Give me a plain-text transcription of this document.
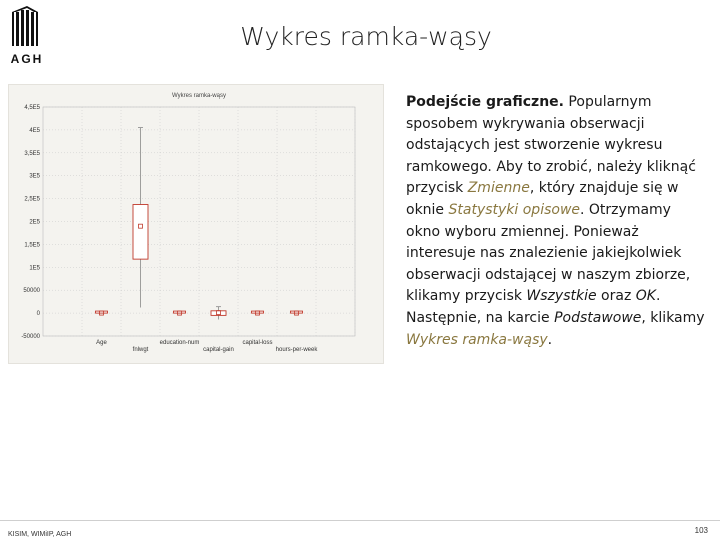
AGH
Wykres ramka-wąsy
Wykres ramka-wąsy
4,5E5
4E5
3,5E5
3E5
2,5E5
2E5
1,5E5
1E5
50000
0
-50000
Age
fnlwgt
education-num
capital-gain
capital-loss
hours-per-week
Podejście graficzne. Popularnym sposobem wykrywania obserwacji odstających jest stworzenie wykresu ramkowego. Aby to zrobić, należy kliknąć przycisk Zmienne, który znajduje się w oknie Statystyki opisowe. Otrzymamy okno wyboru zmiennej. Ponieważ interesuje nas znalezienie jakiejkolwiek obserwacji odstającej w naszym zbiorze, klikamy przycisk Wszystkie oraz OK. Następnie, na karcie Podstawowe, klikamy Wykres ramka-wąsy.
KISIM, WIMiIP, AGH	103
